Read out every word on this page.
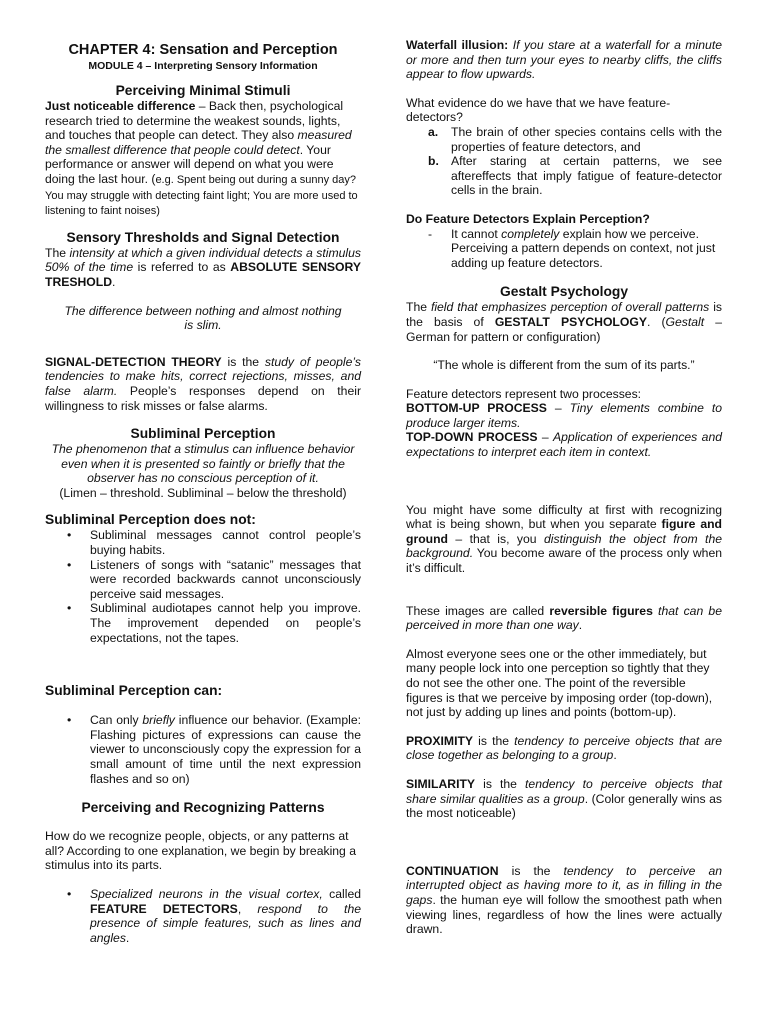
CHAPTER 4: Sensation and Perception

MODULE 4 – Interpreting Sensory Information

Perceiving Minimal Stimuli

Just noticeable difference – Back then, psychological research tried to determine the weakest sounds, lights, and touches that people can detect. They also measured the smallest difference that people could detect. Your performance or answer will depend on what you were doing the last hour. (e.g. Spent being out during a sunny day? You may struggle with detecting faint light; You are more used to listening to faint noises)

Sensory Thresholds and Signal Detection

The intensity at which a given individual detects a stimulus 50% of the time is referred to as ABSOLUTE SENSORY TRESHOLD.

The difference between nothing and almost nothing is slim.

SIGNAL-DETECTION THEORY is the study of people’s tendencies to make hits, correct rejections, misses, and false alarm. People’s responses depend on their willingness to risk misses or false alarms.

Subliminal Perception

The phenomenon that a stimulus can influence behavior even when it is presented so faintly or briefly that the observer has no conscious perception of it.

(Limen – threshold. Subliminal – below the threshold)

Subliminal Perception does not:

• Subliminal messages cannot control people’s buying habits.
• Listeners of songs with “satanic” messages that were recorded backwards cannot unconsciously perceive said messages.
• Subliminal audiotapes cannot help you improve. The improvement depended on people’s expectations, not the tapes.

Subliminal Perception can:

• Can only briefly influence our behavior. (Example: Flashing pictures of expressions can cause the viewer to unconsciously copy the expression for a small amount of time until the next expression flashes and so on)

Perceiving and Recognizing Patterns

How do we recognize people, objects, or any patterns at all? According to one explanation, we begin by breaking a stimulus into its parts.

• Specialized neurons in the visual cortex, called FEATURE DETECTORS, respond to the presence of simple features, such as lines and angles.

Waterfall illusion: If you stare at a waterfall for a minute or more and then turn your eyes to nearby cliffs, the cliffs appear to flow upwards.

What evidence do we have that we have feature-detectors?

a. The brain of other species contains cells with the properties of feature detectors, and
b. After staring at certain patterns, we see aftereffects that imply fatigue of feature-detector cells in the brain.

Do Feature Detectors Explain Perception?

- It cannot completely explain how we perceive. Perceiving a pattern depends on context, not just adding up feature detectors.

Gestalt Psychology

The field that emphasizes perception of overall patterns is the basis of GESTALT PSYCHOLOGY. (Gestalt – German for pattern or configuration)

“The whole is different from the sum of its parts.”

Feature detectors represent two processes:

BOTTOM-UP PROCESS – Tiny elements combine to produce larger items.

TOP-DOWN PROCESS – Application of experiences and expectations to interpret each item in context.

You might have some difficulty at first with recognizing what is being shown, but when you separate figure and ground – that is, you distinguish the object from the background. You become aware of the process only when it’s difficult.

These images are called reversible figures that can be perceived in more than one way.

Almost everyone sees one or the other immediately, but many people lock into one perception so tightly that they do not see the other one. The point of the reversible figures is that we perceive by imposing order (top-down), not just by adding up lines and points (bottom-up).

PROXIMITY is the tendency to perceive objects that are close together as belonging to a group.

SIMILARITY is the tendency to perceive objects that share similar qualities as a group. (Color generally wins as the most noticeable)

CONTINUATION is the tendency to perceive an interrupted object as having more to it, as in filling in the gaps. the human eye will follow the smoothest path when viewing lines, regardless of how the lines were actually drawn.
